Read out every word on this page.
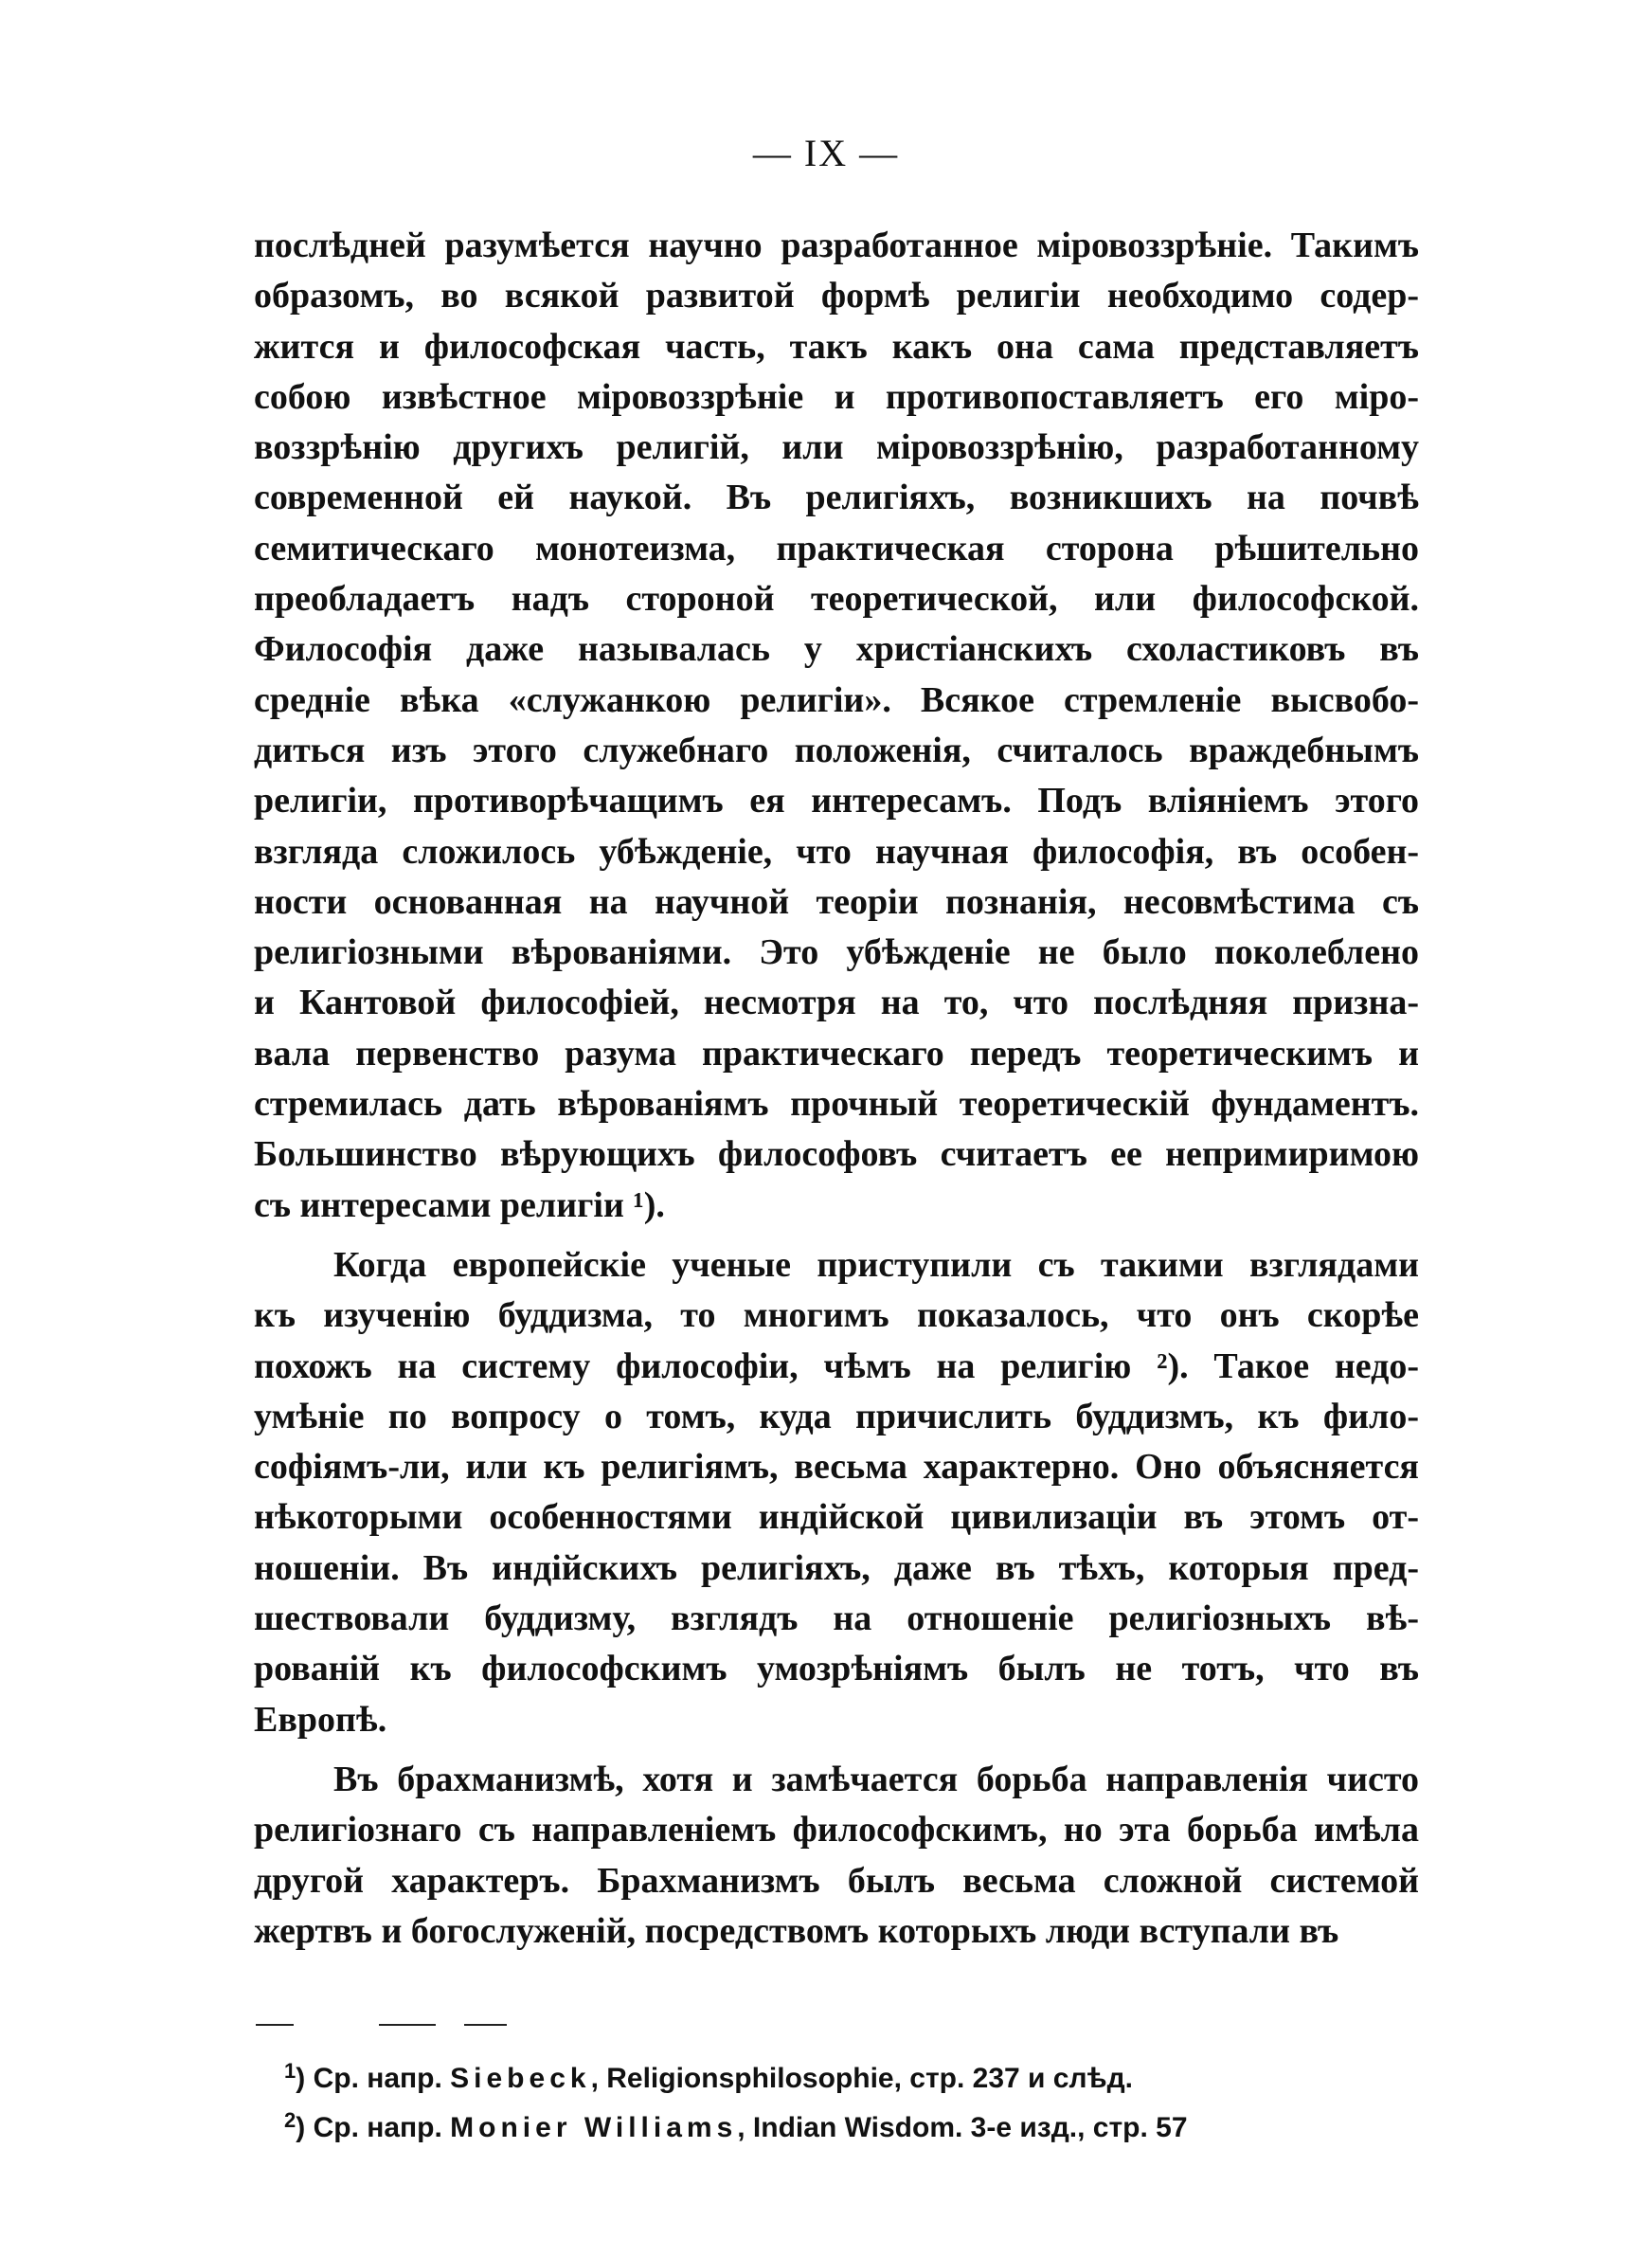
— IX —
послѣдней разумѣется научно разработанное міровоззрѣніе. Такимъ
образомъ, во всякой развитой формѣ религіи необходимо содер-
жится и философская часть, такъ какъ она сама представляетъ
собою извѣстное міровоззрѣніе и противопоставляетъ его міро-
воззрѣнію другихъ религій, или міровоззрѣнію, разработанному
современной ей наукой. Въ религіяхъ, возникшихъ на почвѣ
семитическаго монотеизма, практическая сторона рѣшительно
преобладаетъ надъ стороной теоретической, или философской.
Философія даже называлась у христіанскихъ схоластиковъ въ
средніе вѣка «служанкою религіи». Всякое стремленіе высвобо-
диться изъ этого служебнаго положенія, считалось враждебнымъ
религіи, противорѣчащимъ ея интересамъ. Подъ вліяніемъ этого
взгляда сложилось убѣжденіе, что научная философія, въ особен-
ности основанная на научной теоріи познанія, несовмѣстима съ
религіозными вѣрованіями. Это убѣжденіе не было поколеблено
и Кантовой философіей, несмотря на то, что послѣдняя призна-
вала первенство разума практическаго передъ теоретическимъ и
стремилась дать вѣрованіямъ прочный теоретическій фундаментъ.
Большинство вѣрующихъ философовъ считаетъ ее непримиримою
съ интересами религіи ¹).
Когда европейскіе ученые приступили съ такими взглядами
къ изученію буддизма, то многимъ показалось, что онъ скорѣе
похожъ на систему философіи, чѣмъ на религію ²). Такое недо-
умѣніе по вопросу о томъ, куда причислить буддизмъ, къ фило-
софіямъ-ли, или къ религіямъ, весьма характерно. Оно объясняется
нѣкоторыми особенностями индійской цивилизаціи въ этомъ от-
ношеніи. Въ индійскихъ религіяхъ, даже въ тѣхъ, которыя пред-
шествовали буддизму, взглядъ на отношеніе религіозныхъ вѣ-
рованій къ философскимъ умозрѣніямъ былъ не тотъ, что въ
Европѣ.
Въ брахманизмѣ, хотя и замѣчается борьба направленія чисто
религіознаго съ направленіемъ философскимъ, но эта борьба имѣла
другой характеръ. Брахманизмъ былъ весьма сложной системой
жертвъ и богослуженій, посредствомъ которыхъ люди вступали въ
$^1$) Ср. напр. Siebeck, Religionsphilosophie, стр. 237 и слѣд.
$^2$) Ср. напр. Monier Williams, Indian Wisdom. 3-е изд., стр. 57
